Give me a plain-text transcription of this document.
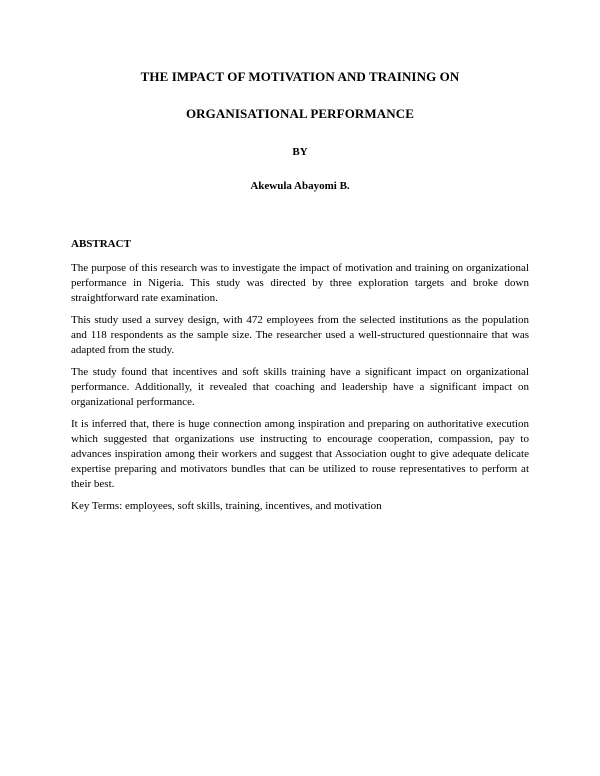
THE IMPACT OF MOTIVATION AND TRAINING ON
ORGANISATIONAL PERFORMANCE
BY
Akewula Abayomi B.
ABSTRACT

The purpose of this research was to investigate the impact of motivation and training on organizational performance in Nigeria. This study was directed by three exploration targets and broke down straightforward rate examination.

This study used a survey design, with 472 employees from the selected institutions as the population and 118 respondents as the sample size. The researcher used a well-structured questionnaire that was adapted from the study.

The study found that incentives and soft skills training have a significant impact on organizational performance. Additionally, it revealed that coaching and leadership have a significant impact on organizational performance.

It is inferred that, there is huge connection among inspiration and preparing on authoritative execution which suggested that organizations use instructing to encourage cooperation, compassion, pay to advances inspiration among their workers and suggest that Association ought to give adequate delicate expertise preparing and motivators bundles that can be utilized to rouse representatives to perform at their best.

Key Terms: employees, soft skills, training, incentives, and motivation
